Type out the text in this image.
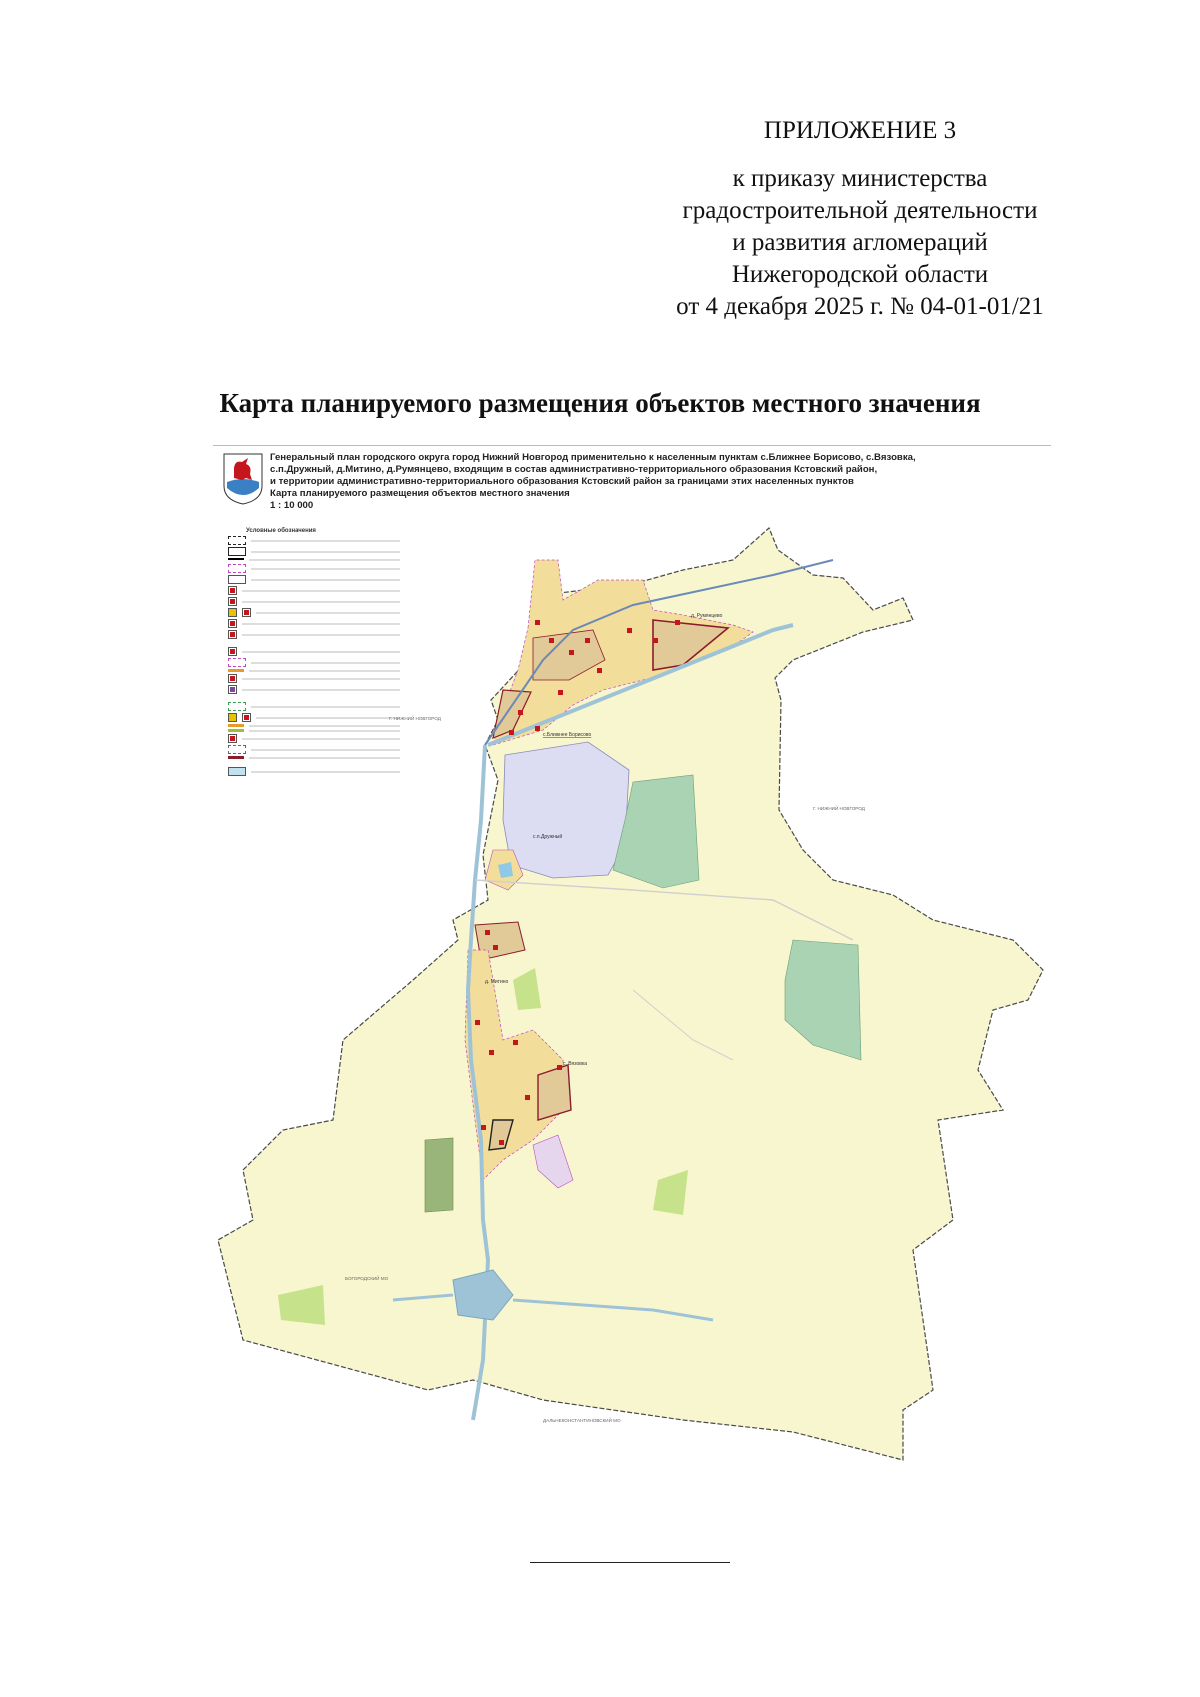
ПРИЛОЖЕНИЕ 3
к приказу министерства
градостроительной деятельности
и развития агломераций
Нижегородской области
от 4 декабря 2025 г. № 04-01-01/21
Карта планируемого размещения объектов местного значения
Генеральный план городского округа город Нижний Новгород применительно к населенным пунктам с.Ближнее Борисово, с.Вязовка,
с.п.Дружный, д.Митино, д.Румянцево, входящим в состав административно-территориального образования Кстовский район,
и территории административно-территориального образования Кстовский район за границами этих населенных пунктов
Карта планируемого размещения объектов местного значения
1 : 10 000
Условные обозначения
д. Румянцево
с.Ближнее Борисово
с.п.Дружный
д. Митино
с. Вязовка
Г. НИЖНИЙ НОВГОРОД
Г. НИЖНИЙ НОВГОРОД
БОГОРОДСКИЙ МО
ДАЛЬНЕКОНСТАНТИНОВСКИЙ МО
